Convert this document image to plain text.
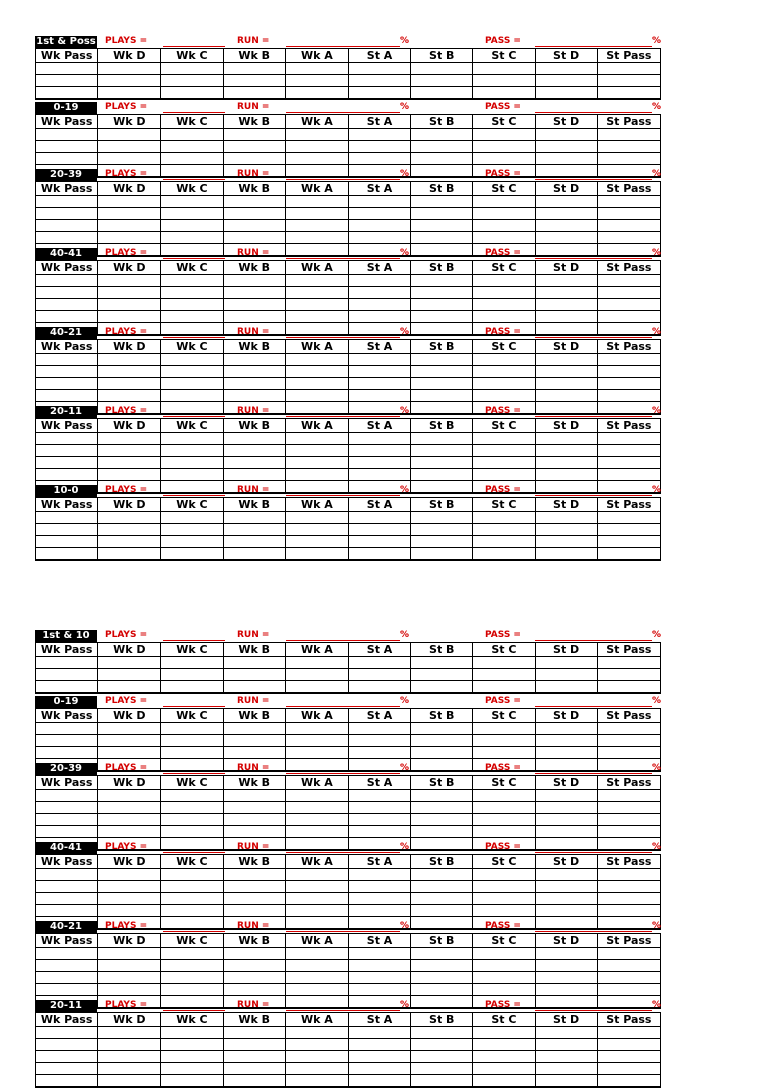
1st & Poss PLAYS =	RUN =	%	PASS =	%
Wk Pass	Wk D	Wk C	Wk B	Wk A	St A	St B	St C	St D	St Pass

0-19	PLAYS =	RUN =	%	PASS =	%
Wk Pass	Wk D	Wk C	Wk B	Wk A	St A	St B	St C	St D	St Pass

20-39	PLAYS =	RUN =	%	PASS =	%
Wk Pass	Wk D	Wk C	Wk B	Wk A	St A	St B	St C	St D	St Pass

40-41	PLAYS =	RUN =	%	PASS =	%
Wk Pass	Wk D	Wk C	Wk B	Wk A	St A	St B	St C	St D	St Pass

40-21	PLAYS =	RUN =	%	PASS =	%
Wk Pass	Wk D	Wk C	Wk B	Wk A	St A	St B	St C	St D	St Pass

20-11	PLAYS =	RUN =	%	PASS =	%
Wk Pass	Wk D	Wk C	Wk B	Wk A	St A	St B	St C	St D	St Pass

10-0	PLAYS =	RUN =	%	PASS =	%
Wk Pass	Wk D	Wk C	Wk B	Wk A	St A	St B	St C	St D	St Pass

1st & 10	PLAYS =	RUN =	%	PASS =	%
Wk Pass	Wk D	Wk C	Wk B	Wk A	St A	St B	St C	St D	St Pass

0-19	PLAYS =	RUN =	%	PASS =	%
Wk Pass	Wk D	Wk C	Wk B	Wk A	St A	St B	St C	St D	St Pass

20-39	PLAYS =	RUN =	%	PASS =	%
Wk Pass	Wk D	Wk C	Wk B	Wk A	St A	St B	St C	St D	St Pass

40-41	PLAYS =	RUN =	%	PASS =	%
Wk Pass	Wk D	Wk C	Wk B	Wk A	St A	St B	St C	St D	St Pass

40-21	PLAYS =	RUN =	%	PASS =	%
Wk Pass	Wk D	Wk C	Wk B	Wk A	St A	St B	St C	St D	St Pass

20-11	PLAYS =	RUN =	%	PASS =	%
Wk Pass	Wk D	Wk C	Wk B	Wk A	St A	St B	St C	St D	St Pass
